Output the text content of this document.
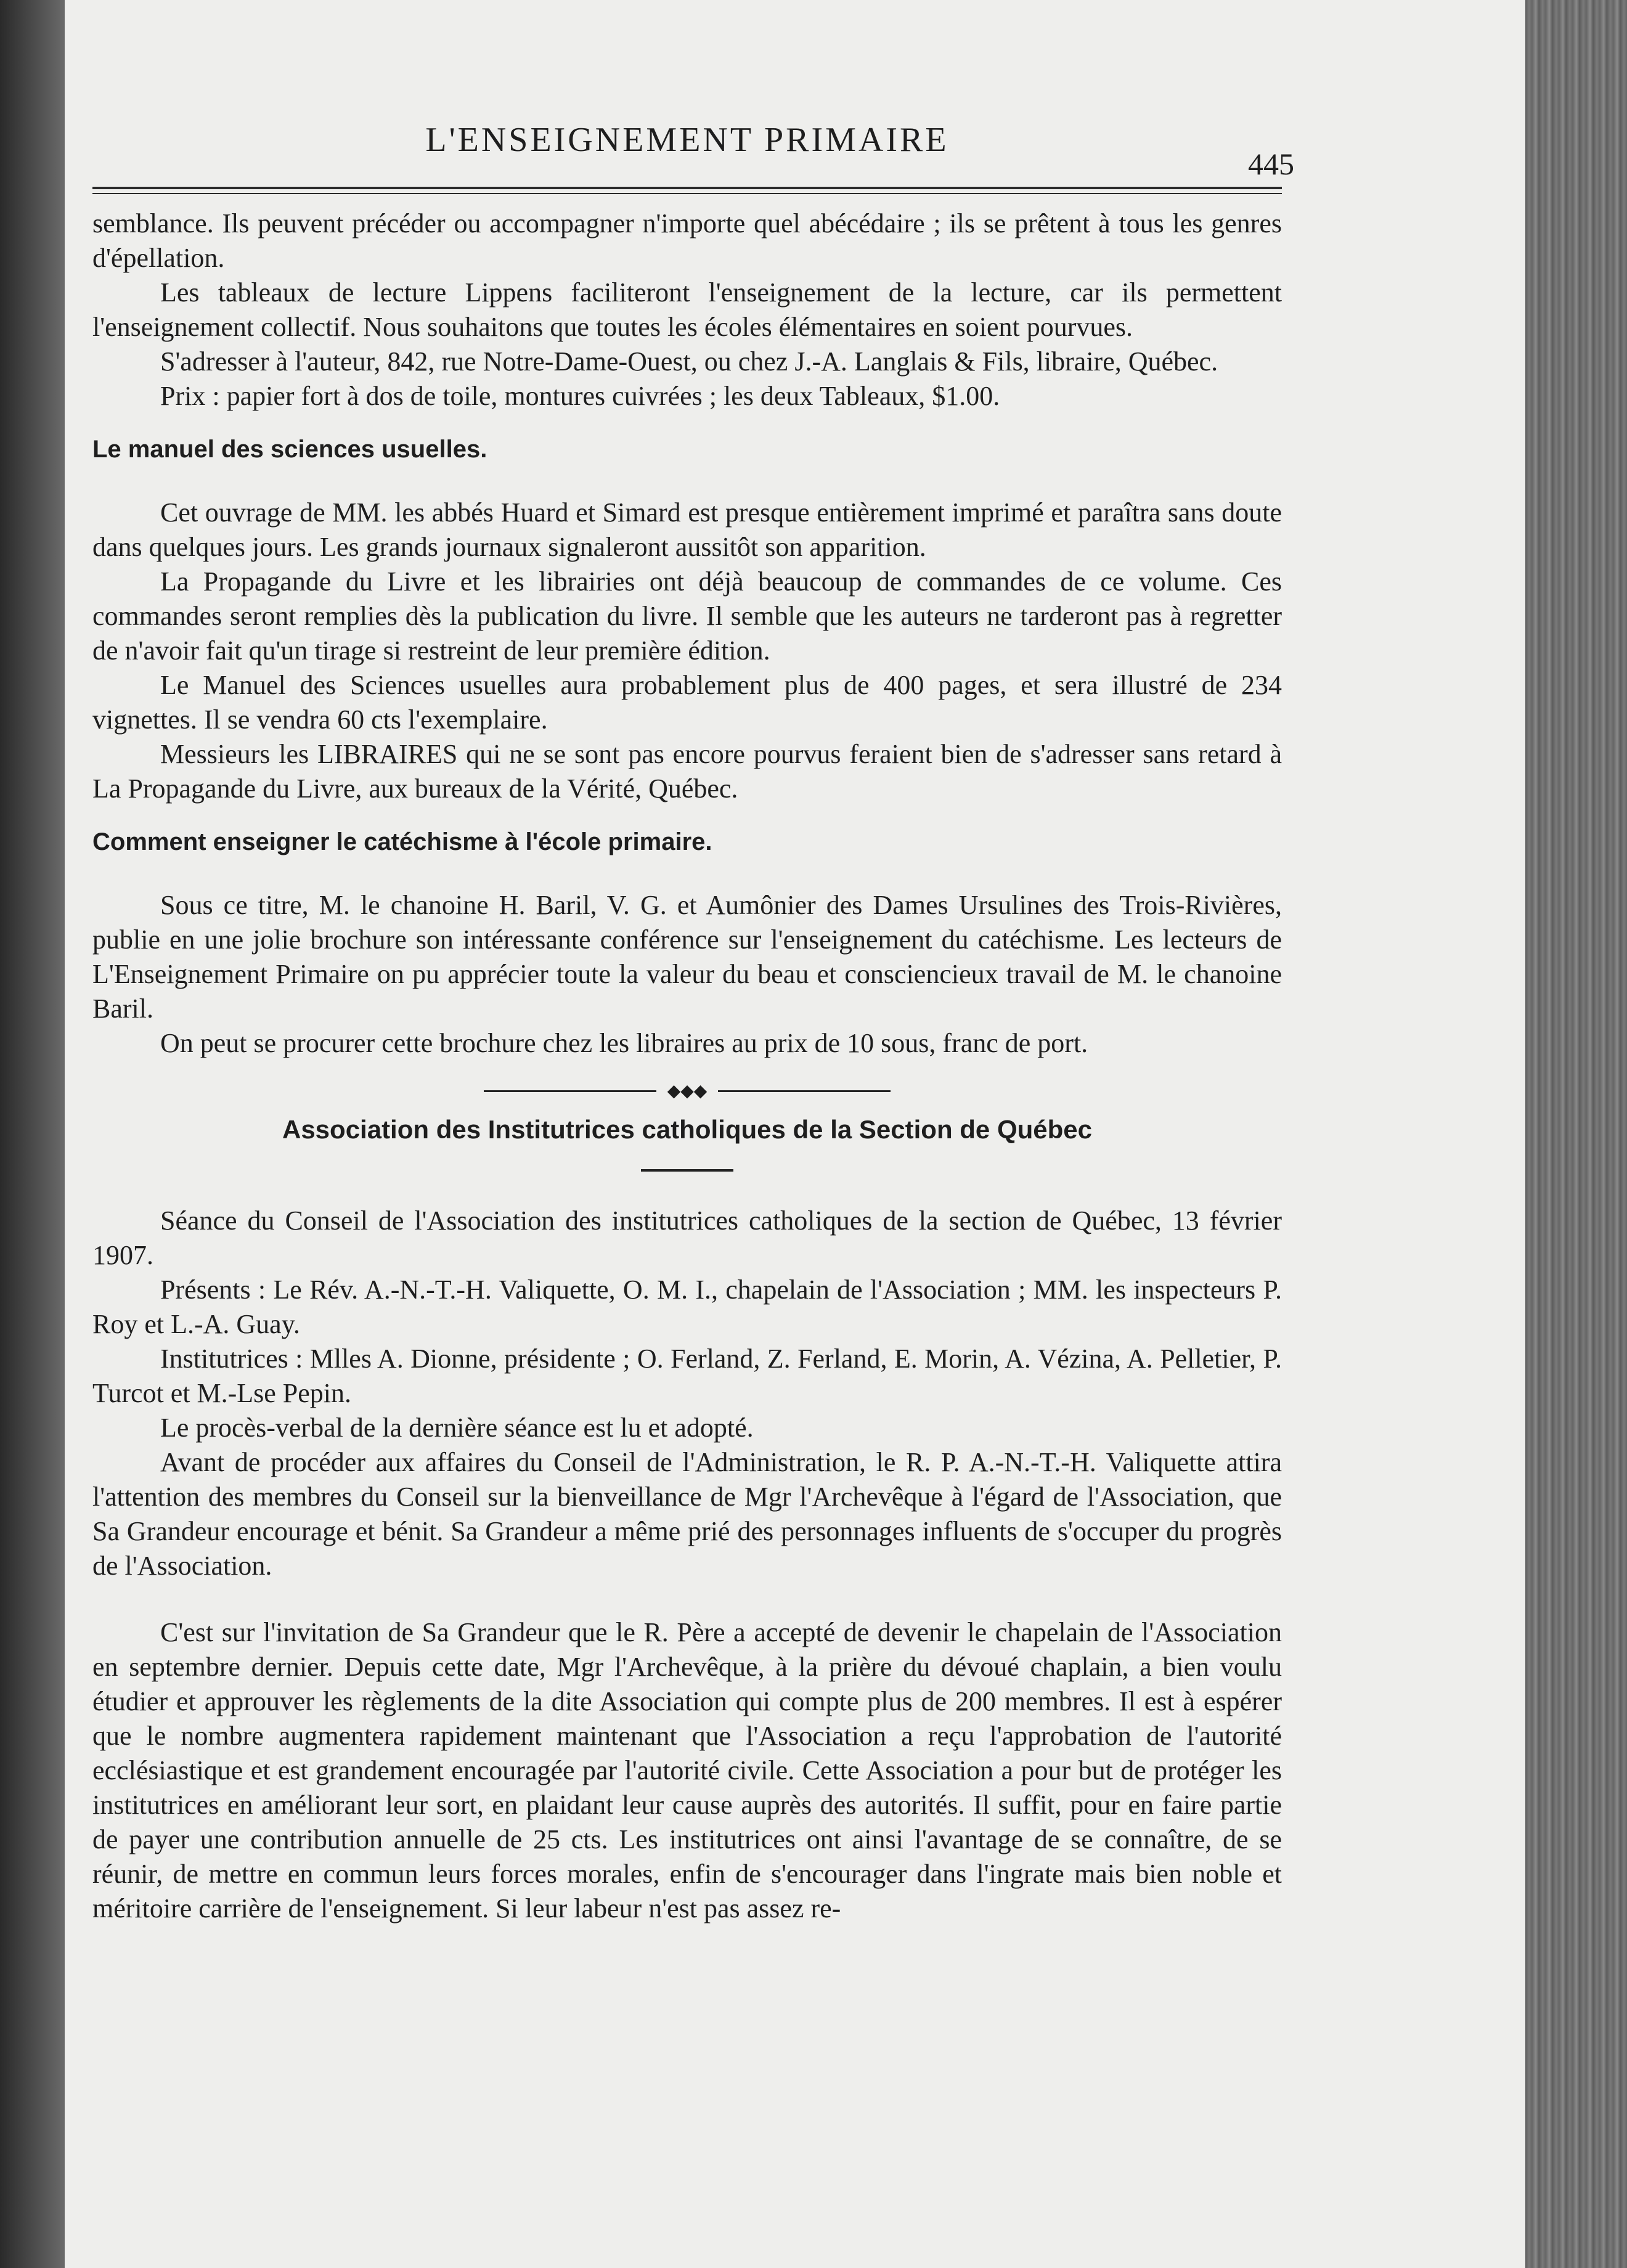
L'ENSEIGNEMENT PRIMAIRE
445

semblance. Ils peuvent précéder ou accompagner n'importe quel abécédaire ; ils se prêtent à tous les genres d'épellation.

Les tableaux de lecture Lippens faciliteront l'enseignement de la lecture, car ils permettent l'enseignement collectif. Nous souhaitons que toutes les écoles élémentaires en soient pourvues.

S'adresser à l'auteur, 842, rue Notre-Dame-Ouest, ou chez J.-A. Langlais & Fils, libraire, Québec.

Prix : papier fort à dos de toile, montures cuivrées ; les deux Tableaux, $1.00.

Le manuel des sciences usuelles.

Cet ouvrage de MM. les abbés Huard et Simard est presque entièrement imprimé et paraîtra sans doute dans quelques jours. Les grands journaux signaleront aussitôt son apparition.

La Propagande du Livre et les librairies ont déjà beaucoup de commandes de ce volume. Ces commandes seront remplies dès la publication du livre. Il semble que les auteurs ne tarderont pas à regretter de n'avoir fait qu'un tirage si restreint de leur première édition.

Le Manuel des Sciences usuelles aura probablement plus de 400 pages, et sera illustré de 234 vignettes. Il se vendra 60 cts l'exemplaire.

Messieurs les LIBRAIRES qui ne se sont pas encore pourvus feraient bien de s'adresser sans retard à La Propagande du Livre, aux bureaux de la Vérité, Québec.

Comment enseigner le catéchisme à l'école primaire.

Sous ce titre, M. le chanoine H. Baril, V. G. et Aumônier des Dames Ursulines des Trois-Rivières, publie en une jolie brochure son intéressante conférence sur l'enseignement du catéchisme. Les lecteurs de L'Enseignement Primaire on pu apprécier toute la valeur du beau et consciencieux travail de M. le chanoine Baril.

On peut se procurer cette brochure chez les libraires au prix de 10 sous, franc de port.

◆◆◆
Association des Institutrices catholiques de la Section de Québec

Séance du Conseil de l'Association des institutrices catholiques de la section de Québec, 13 février 1907.

Présents : Le Rév. A.-N.-T.-H. Valiquette, O. M. I., chapelain de l'Association ; MM. les inspecteurs P. Roy et L.-A. Guay.

Institutrices : Mlles A. Dionne, présidente ; O. Ferland, Z. Ferland, E. Morin, A. Vézina, A. Pelletier, P. Turcot et M.-Lse Pepin.

Le procès-verbal de la dernière séance est lu et adopté.

Avant de procéder aux affaires du Conseil de l'Administration, le R. P. A.-N.-T.-H. Valiquette attira l'attention des membres du Conseil sur la bienveillance de Mgr l'Archevêque à l'égard de l'Association, que Sa Grandeur encourage et bénit. Sa Grandeur a même prié des personnages influents de s'occuper du progrès de l'Association.

C'est sur l'invitation de Sa Grandeur que le R. Père a accepté de devenir le chapelain de l'Association en septembre dernier. Depuis cette date, Mgr l'Archevêque, à la prière du dévoué chaplain, a bien voulu étudier et approuver les règlements de la dite Association qui compte plus de 200 membres. Il est à espérer que le nombre augmentera rapidement maintenant que l'Association a reçu l'approbation de l'autorité ecclésiastique et est grandement encouragée par l'autorité civile. Cette Association a pour but de protéger les institutrices en améliorant leur sort, en plaidant leur cause auprès des autorités. Il suffit, pour en faire partie de payer une contribution annuelle de 25 cts. Les institutrices ont ainsi l'avantage de se connaître, de se réunir, de mettre en commun leurs forces morales, enfin de s'encourager dans l'ingrate mais bien noble et méritoire carrière de l'enseignement. Si leur labeur n'est pas assez re-
